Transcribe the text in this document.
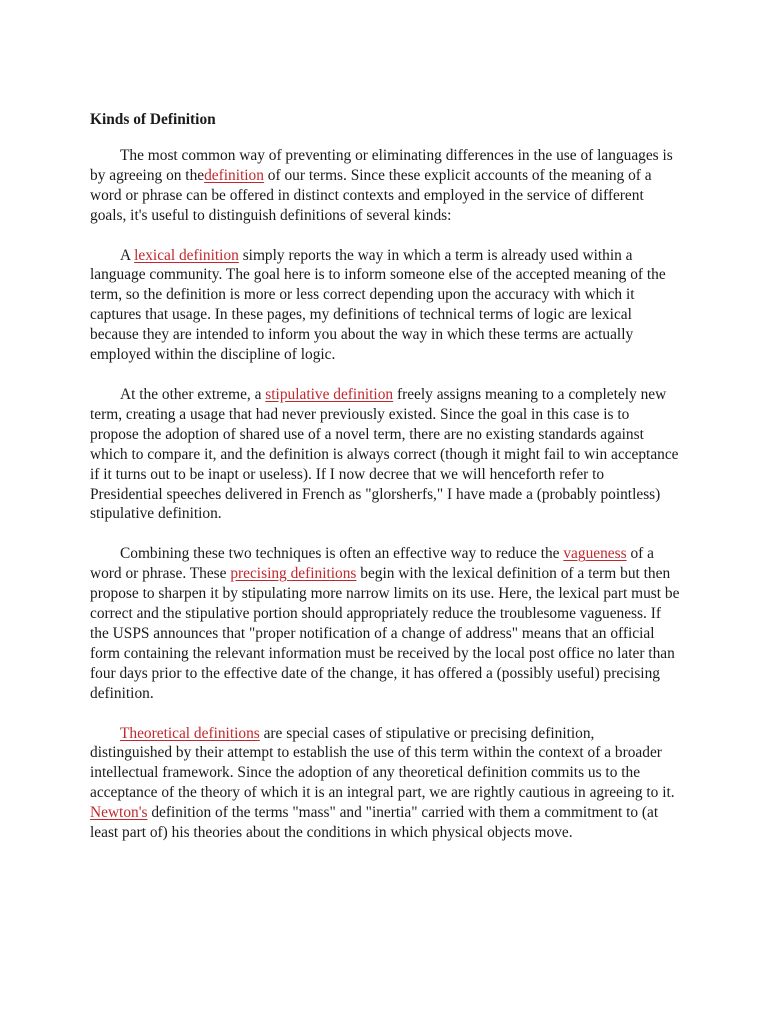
Kinds of Definition

The most common way of preventing or eliminating differences in the use of languages is by agreeing on thedefinition of our terms. Since these explicit accounts of the meaning of a word or phrase can be offered in distinct contexts and employed in the service of different goals, it's useful to distinguish definitions of several kinds:

A lexical definition simply reports the way in which a term is already used within a language community. The goal here is to inform someone else of the accepted meaning of the term, so the definition is more or less correct depending upon the accuracy with which it captures that usage. In these pages, my definitions of technical terms of logic are lexical because they are intended to inform you about the way in which these terms are actually employed within the discipline of logic.

At the other extreme, a stipulative definition freely assigns meaning to a completely new term, creating a usage that had never previously existed. Since the goal in this case is to propose the adoption of shared use of a novel term, there are no existing standards against which to compare it, and the definition is always correct (though it might fail to win acceptance if it turns out to be inapt or useless). If I now decree that we will henceforth refer to Presidential speeches delivered in French as "glorsherfs," I have made a (probably pointless) stipulative definition.

Combining these two techniques is often an effective way to reduce the vagueness of a word or phrase. These precising definitions begin with the lexical definition of a term but then propose to sharpen it by stipulating more narrow limits on its use. Here, the lexical part must be correct and the stipulative portion should appropriately reduce the troublesome vagueness. If the USPS announces that "proper notification of a change of address" means that an official form containing the relevant information must be received by the local post office no later than four days prior to the effective date of the change, it has offered a (possibly useful) precising definition.

Theoretical definitions are special cases of stipulative or precising definition, distinguished by their attempt to establish the use of this term within the context of a broader intellectual framework. Since the adoption of any theoretical definition commits us to the acceptance of the theory of which it is an integral part, we are rightly cautious in agreeing to it. Newton's definition of the terms "mass" and "inertia" carried with them a commitment to (at least part of) his theories about the conditions in which physical objects move.
